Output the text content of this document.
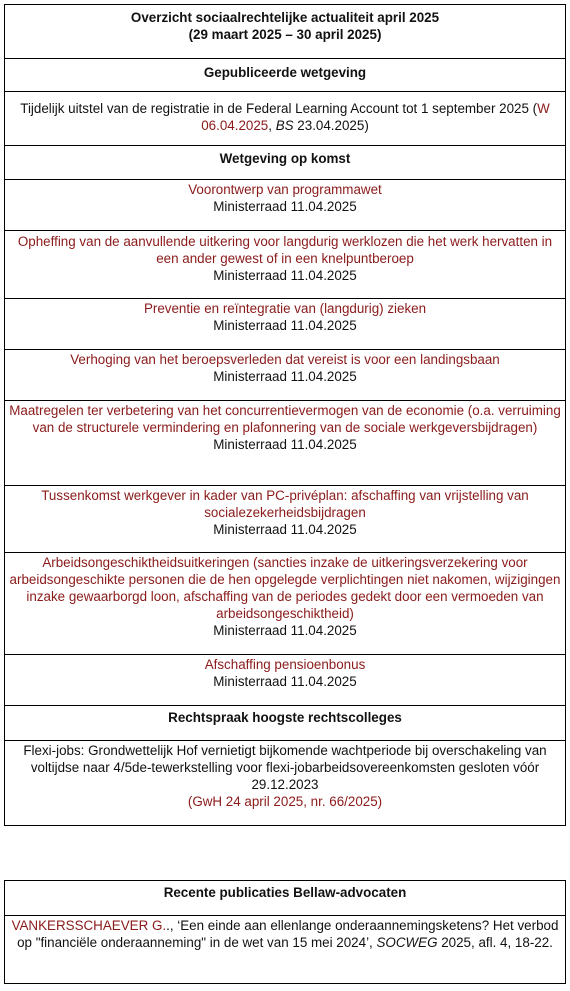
Overzicht sociaalrechtelijke actualiteit april 2025
(29 maart 2025 – 30 april 2025)
Gepubliceerde wetgeving
Tijdelijk uitstel van de registratie in de Federal Learning Account tot 1 september 2025 (W 06.04.2025, BS 23.04.2025)
Wetgeving op komst
Voorontwerp van programmawet
Ministerraad 11.04.2025
Opheffing van de aanvullende uitkering voor langdurig werklozen die het werk hervatten in een ander gewest of in een knelpuntberoep
Ministerraad 11.04.2025
Preventie en reïntegratie van (langdurig) zieken
Ministerraad 11.04.2025
Verhoging van het beroepsverleden dat vereist is voor een landingsbaan
Ministerraad 11.04.2025
Maatregelen ter verbetering van het concurrentievermogen van de economie (o.a. verruiming van de structurele vermindering en plafonnering van de sociale werkgeversbijdragen)
Ministerraad 11.04.2025
Tussenkomst werkgever in kader van PC-privéplan: afschaffing van vrijstelling van socialezekerheidsbijdragen
Ministerraad 11.04.2025
Arbeidsongeschiktheidsuitkeringen (sancties inzake de uitkeringsverzekering voor arbeidsongeschikte personen die de hen opgelegde verplichtingen niet nakomen, wijzigingen inzake gewaarborgd loon, afschaffing van de periodes gedekt door een vermoeden van arbeidsongeschiktheid)
Ministerraad 11.04.2025
Afschaffing pensioenbonus
Ministerraad 11.04.2025
Rechtspraak hoogste rechtscolleges
Flexi-jobs: Grondwettelijk Hof vernietigt bijkomende wachtperiode bij overschakeling van voltijdse naar 4/5de-tewerkstelling voor flexi-jobarbeidsovereenkomsten gesloten vóór 29.12.2023
(GwH 24 april 2025, nr. 66/2025)
Recente publicaties Bellaw-advocaten
VANKERSSCHAEVER G.., ‘Een einde aan ellenlange onderaannemingsketens? Het verbod op "financiële onderaanneming" in de wet van 15 mei 2024’, SOCWEG 2025, afl. 4, 18-22.
